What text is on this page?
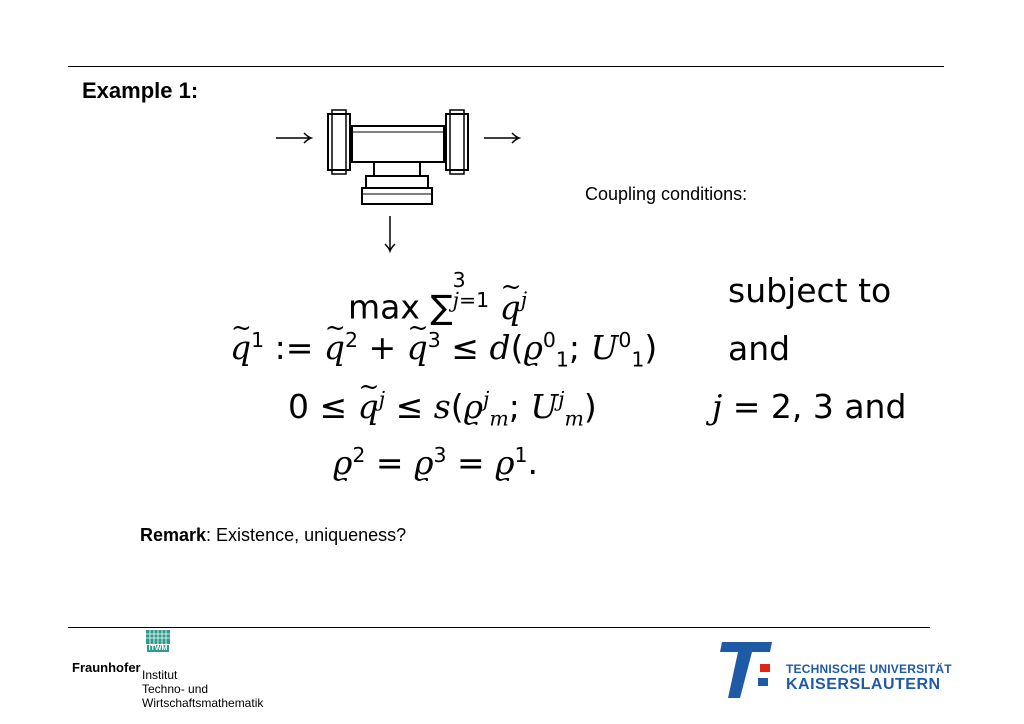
Example 1:
Coupling conditions:
max ∑$^{3 j=1}$ ~ $q^j$	subject to
~ $q^1$ := ~ $q^2$ + ~ $q^3 \le d(ϱ^0_1$; $U^0_1$) and
0 ≤ ~ $q^j \le s(ϱ^j_m$; $U^j_m$)	j = 2, 3 and
$ϱ^2 = ϱ^3 = ϱ^1$.
Remark: Existence, uniqueness?
ITWM
Fraunhofer Institut
Techno- und
Wirtschaftsmathematik
TECHNISCHE UNIVERSITÄT
KAISERSLAUTERN
